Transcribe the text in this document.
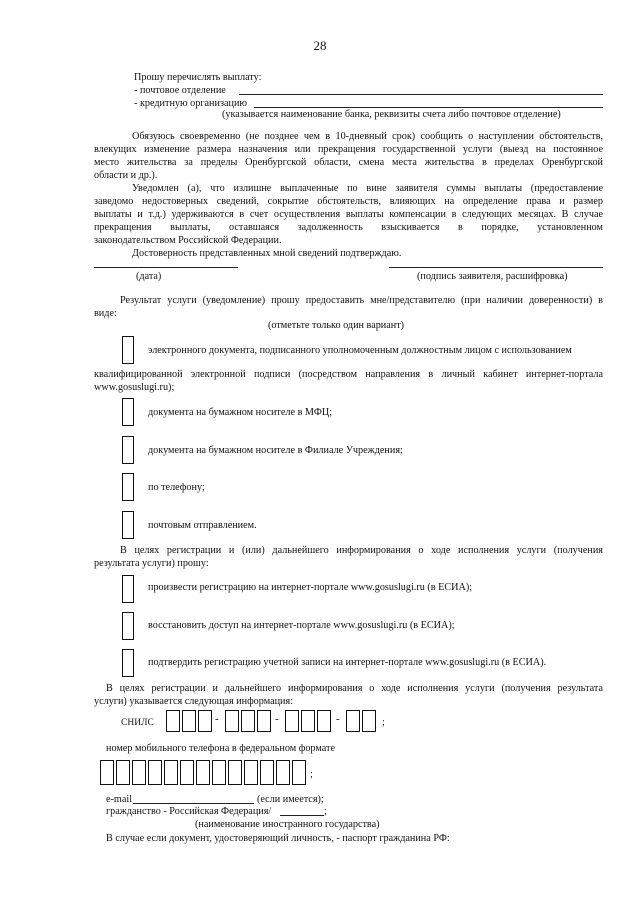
28
Прошу перечислять выплату:
- почтовое отделение
- кредитную организацию
(указывается наименование банка, реквизиты счета либо почтовое отделение)
Обязуюсь своевременно (не позднее чем в 10-дневный срок) сообщить о наступлении обстоятельств,
влекущих изменение размера назначения или прекращения государственной услуги (выезд на постоянное
место жительства за пределы Оренбургской области, смена места жительства в пределах Оренбургской
области и др.).
Уведомлен (а), что излишне выплаченные по вине заявителя суммы выплаты (предоставление
заведомо недостоверных сведений, сокрытие обстоятельств, влияющих на определение права и размер
выплаты и т.д.) удерживаются в счет осуществления выплаты компенсации в следующих месяцах. В случае
прекращения выплаты, оставшаяся задолженность взыскивается в порядке, установленном
законодательством Российской Федерации.
Достоверность представленных мной сведений подтверждаю.
(дата)	(подпись заявителя, расшифровка)
Результат услуги (уведомление) прошу предоставить мне/представителю (при наличии доверенности) в
виде:
(отметьте только один вариант)
электронного документа, подписанного уполномоченным должностным лицом с использованием
квалифицированной электронной подписи (посредством направления в личный кабинет интернет-портала
www.gosuslugi.ru);
документа на бумажном носителе в МФЦ;
документа на бумажном носителе в Филиале Учреждения;
по телефону;
почтовым отправлением.
В целях регистрации и (или) дальнейшего информирования о ходе исполнения услуги (получения
результата услуги) прошу:
произвести регистрацию на интернет-портале www.gosuslugi.ru (в ЕСИА);
восстановить доступ на интернет-портале www.gosuslugi.ru (в ЕСИА);
подтвердить регистрацию учетной записи на интернет-портале www.gosuslugi.ru (в ЕСИА).
В целях регистрации и дальнейшего информирования о ходе исполнения услуги (получения результата
услуги) указывается следующая информация:
СНИЛС	-	-	-	;
номер мобильного телефона в федеральном формате
;
e-mail	(если имеется);
гражданство - Российская Федерация/	;
(наименование иностранного государства)
В случае если документ, удостоверяющий личность, - паспорт гражданина РФ:
